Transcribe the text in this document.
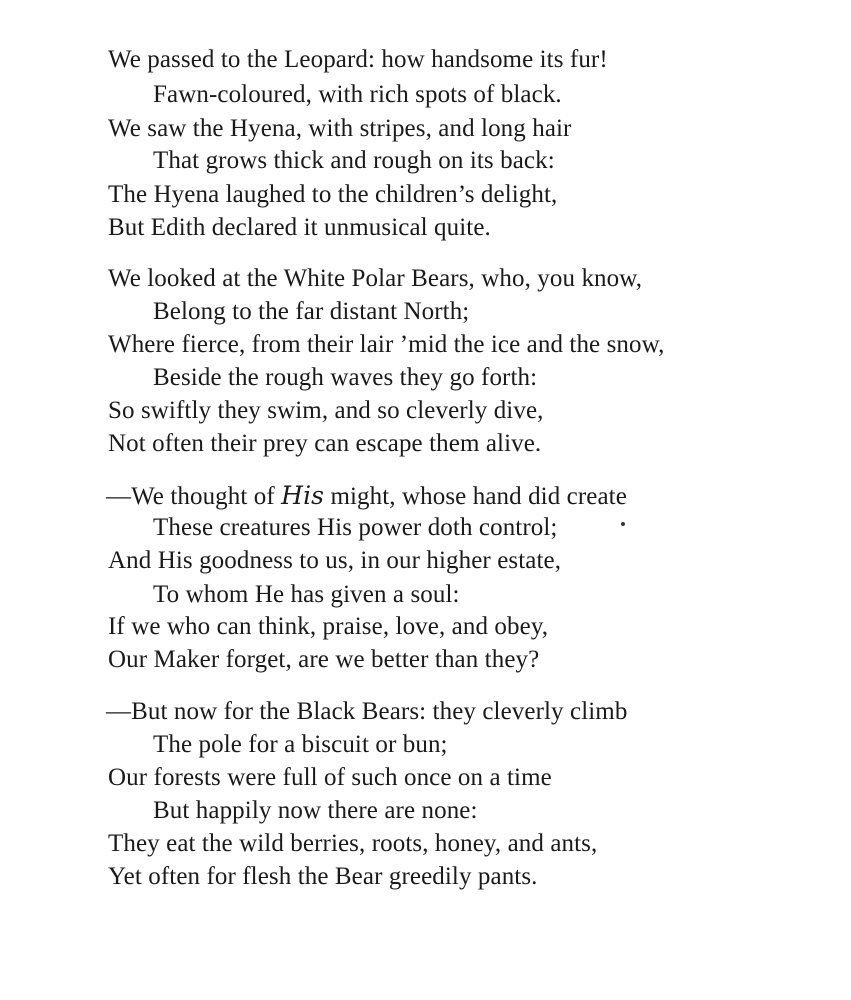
We passed to the Leopard: how handsome its fur!
Fawn-coloured, with rich spots of black.
We saw the Hyena, with stripes, and long hair
That grows thick and rough on its back:
The Hyena laughed to the children’s delight,
But Edith declared it unmusical quite.
We looked at the White Polar Bears, who, you know,
Belong to the far distant North;
Where fierce, from their lair ’mid the ice and the snow,
Beside the rough waves they go forth:
So swiftly they swim, and so cleverly dive,
Not often their prey can escape them alive.
—We thought of His might, whose hand did create
These creatures His power doth control;
And His goodness to us, in our higher estate,
To whom He has given a soul:
If we who can think, praise, love, and obey,
Our Maker forget, are we better than they?
—But now for the Black Bears: they cleverly climb
The pole for a biscuit or bun;
Our forests were full of such once on a time
But happily now there are none:
They eat the wild berries, roots, honey, and ants,
Yet often for flesh the Bear greedily pants.
